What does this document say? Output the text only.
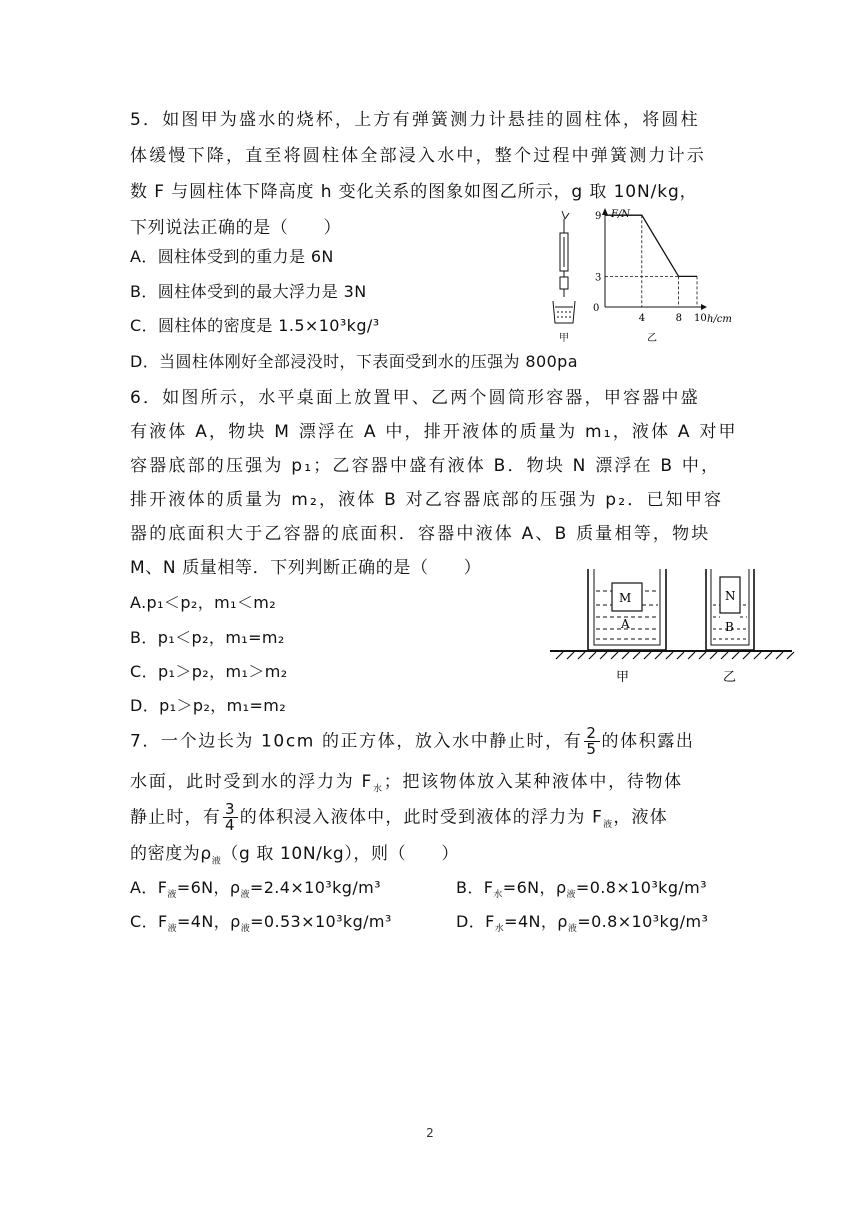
5．如图甲为盛水的烧杯，上方有弹簧测力计悬挂的圆柱体，将圆柱
体缓慢下降，直至将圆柱体全部浸入水中，整个过程中弹簧测力计示
数 F 与圆柱体下降高度 h 变化关系的图象如图乙所示，g 取 10N/kg，
下列说法正确的是（　　）
A．圆柱体受到的重力是 6N
B．圆柱体受到的最大浮力是 3N
C．圆柱体的密度是 1.5×10³kg/³
D．当圆柱体刚好全部浸没时，下表面受到水的压强为 800pa
甲
F/N
h/cm
0
4	8 10
9
3
乙
6．如图所示，水平桌面上放置甲、乙两个圆筒形容器，甲容器中盛
有液体 A，物块 M 漂浮在 A 中，排开液体的质量为 m₁，液体 A 对甲
容器底部的压强为 p₁；乙容器中盛有液体 B．物块 N 漂浮在 B 中，
排开液体的质量为 m₂，液体 B 对乙容器底部的压强为 p₂．已知甲容
器的底面积大于乙容器的底面积．容器中液体 A、B 质量相等，物块
M、N 质量相等．下列判断正确的是（　　）
A.p₁＜p₂，m₁＜m₂
B．p₁＜p₂，m₁=m₂
C．p₁＞p₂，m₁＞m₂
D．p₁＞p₂，m₁=m₂
M
A
N
B
甲	乙
7．一个边长为 10cm 的正方体，放入水中静止时，有 $\frac{2}{5}$ 的体积露出
水面，此时受到水的浮力为 $F_水$；把该物体放入某种液体中，待物体
静止时，有 $\frac{3}{4}$ 的体积浸入液体中，此时受到液体的浮力为 $F_液$，液体
的密度为$\rho_液(g$ 取 10N/kg），则（　　）
A．$F_液=6N$，$\rho_液=2.4\times 10^3kg/m^3$	B．$F_水=6N$，$\rho_液=0.8\times 10^3kg/m^3$
C．$F_液=4N$，$\rho_液=0.53\times 10^3kg/m^3$	D．$F_水=4N$，$\rho_液=0.8\times 10^3kg/m^3$
2
